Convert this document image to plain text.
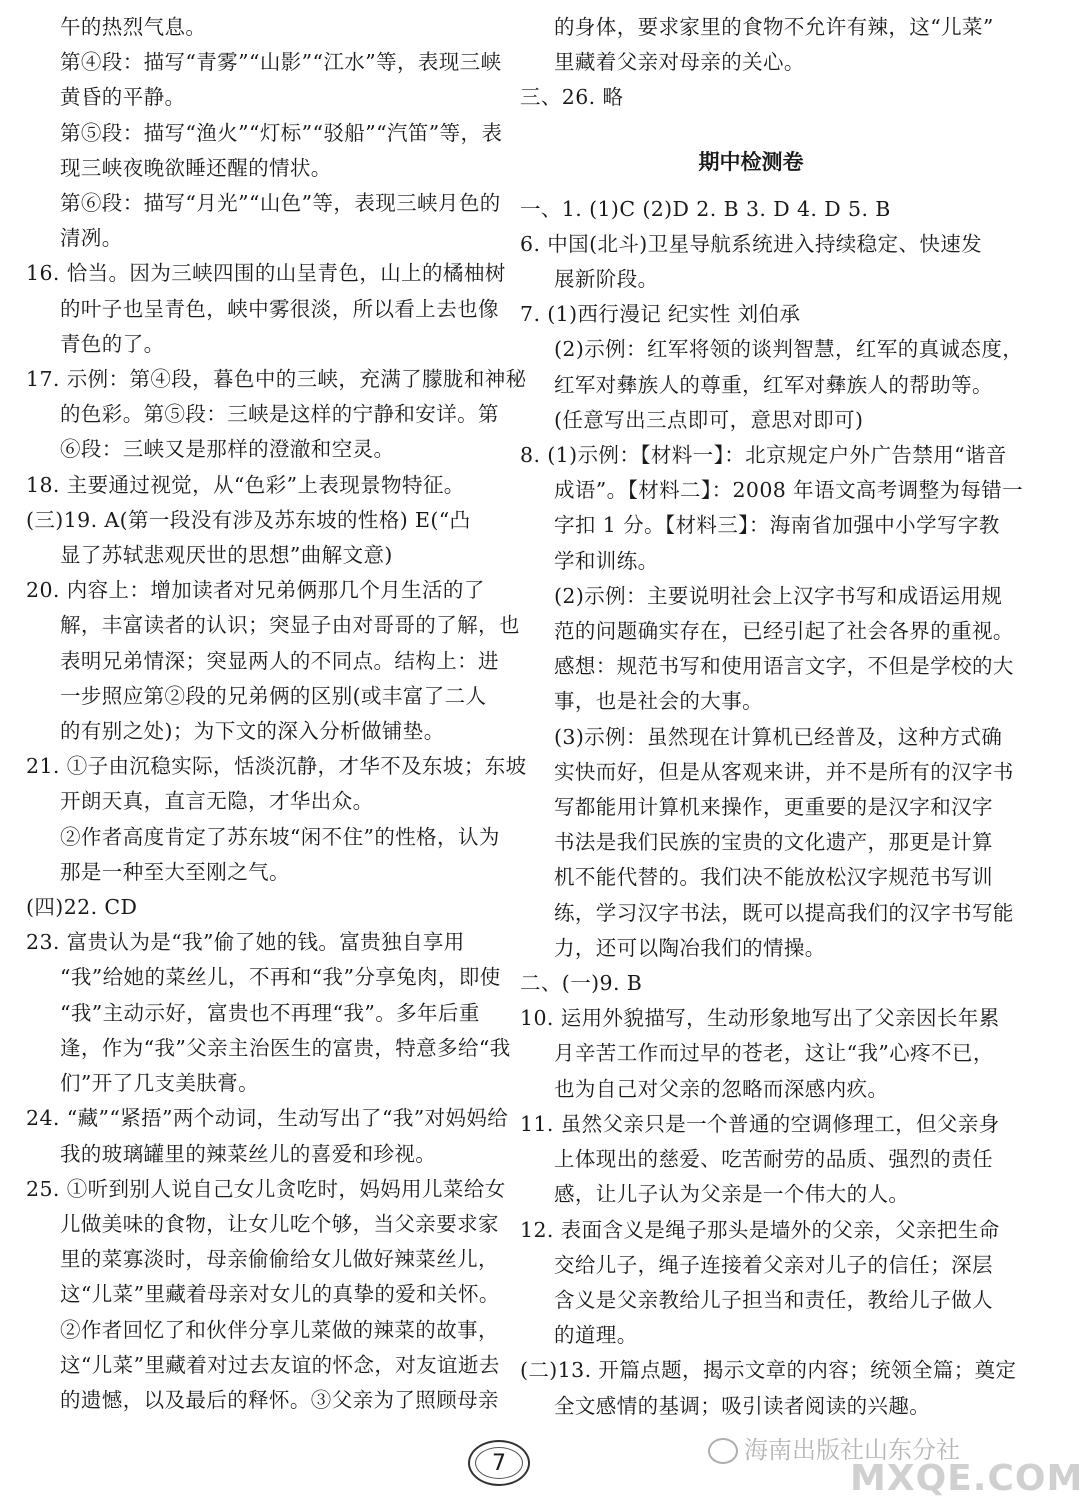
午的热烈气息。

第④段：描写“青雾”“山影”“江水”等，表现三峡

黄昏的平静。

第⑤段：描写“渔火”“灯标”“驳船”“汽笛”等，表

现三峡夜晚欲睡还醒的情状。

第⑥段：描写“月光”“山色”等，表现三峡月色的

清冽。

16. 恰当。因为三峡四围的山呈青色，山上的橘柚树

的叶子也呈青色，峡中雾很淡，所以看上去也像

青色的了。

17. 示例：第④段，暮色中的三峡，充满了朦胧和神秘

的色彩。第⑤段：三峡是这样的宁静和安详。第

⑥段：三峡又是那样的澄澈和空灵。

18. 主要通过视觉，从“色彩”上表现景物特征。

(三)19. A(第一段没有涉及苏东坡的性格) E(“凸

显了苏轼悲观厌世的思想”曲解文意)

20. 内容上：增加读者对兄弟俩那几个月生活的了

解，丰富读者的认识；突显子由对哥哥的了解，也

表明兄弟情深；突显两人的不同点。结构上：进

一步照应第②段的兄弟俩的区别(或丰富了二人

的有别之处)；为下文的深入分析做铺垫。

21. ①子由沉稳实际，恬淡沉静，才华不及东坡；东坡

开朗天真，直言无隐，才华出众。

②作者高度肯定了苏东坡“闲不住”的性格，认为

那是一种至大至刚之气。

(四)22. CD

23. 富贵认为是“我”偷了她的钱。富贵独自享用

“我”给她的菜丝儿，不再和“我”分享兔肉，即使

“我”主动示好，富贵也不再理“我”。多年后重

逢，作为“我”父亲主治医生的富贵，特意多给“我

们”开了几支美肤膏。

24. “藏”“紧捂”两个动词，生动写出了“我”对妈妈给

我的玻璃罐里的辣菜丝儿的喜爱和珍视。

25. ①听到别人说自己女儿贪吃时，妈妈用儿菜给女

儿做美味的食物，让女儿吃个够，当父亲要求家

里的菜寡淡时，母亲偷偷给女儿做好辣菜丝儿，

这“儿菜”里藏着母亲对女儿的真挚的爱和关怀。

②作者回忆了和伙伴分享儿菜做的辣菜的故事，

这“儿菜”里藏着对过去友谊的怀念，对友谊逝去

的遗憾，以及最后的释怀。③父亲为了照顾母亲

的身体，要求家里的食物不允许有辣，这“儿菜”

里藏着父亲对母亲的关心。

三、26. 略

期中检测卷

一、1. (1)C (2)D 2. B 3. D 4. D 5. B

6. 中国(北斗)卫星导航系统进入持续稳定、快速发

展新阶段。

7. (1)西行漫记 纪实性 刘伯承

(2)示例：红军将领的谈判智慧，红军的真诚态度，

红军对彝族人的尊重，红军对彝族人的帮助等。

(任意写出三点即可，意思对即可)

8. (1)示例：【材料一】：北京规定户外广告禁用“谐音

成语”。【材料二】：2008 年语文高考调整为每错一

字扣 1 分。【材料三】：海南省加强中小学写字教

学和训练。

(2)示例：主要说明社会上汉字书写和成语运用规

范的问题确实存在，已经引起了社会各界的重视。

感想：规范书写和使用语言文字，不但是学校的大

事，也是社会的大事。

(3)示例：虽然现在计算机已经普及，这种方式确

实快而好，但是从客观来讲，并不是所有的汉字书

写都能用计算机来操作，更重要的是汉字和汉字

书法是我们民族的宝贵的文化遗产，那更是计算

机不能代替的。我们决不能放松汉字规范书写训

练，学习汉字书法，既可以提高我们的汉字书写能

力，还可以陶冶我们的情操。

二、(一)9. B

10. 运用外貌描写，生动形象地写出了父亲因长年累

月辛苦工作而过早的苍老，这让“我”心疼不已，

也为自己对父亲的忽略而深感内疚。

11. 虽然父亲只是一个普通的空调修理工，但父亲身

上体现出的慈爱、吃苦耐劳的品质、强烈的责任

感，让儿子认为父亲是一个伟大的人。

12. 表面含义是绳子那头是墙外的父亲，父亲把生命

交给儿子，绳子连接着父亲对儿子的信任；深层

含义是父亲教给儿子担当和责任，教给儿子做人

的道理。

(二)13. 开篇点题，揭示文章的内容；统领全篇；奠定

全文感情的基调；吸引读者阅读的兴趣。

7	海南出版社山东分社
MXQE.COM
